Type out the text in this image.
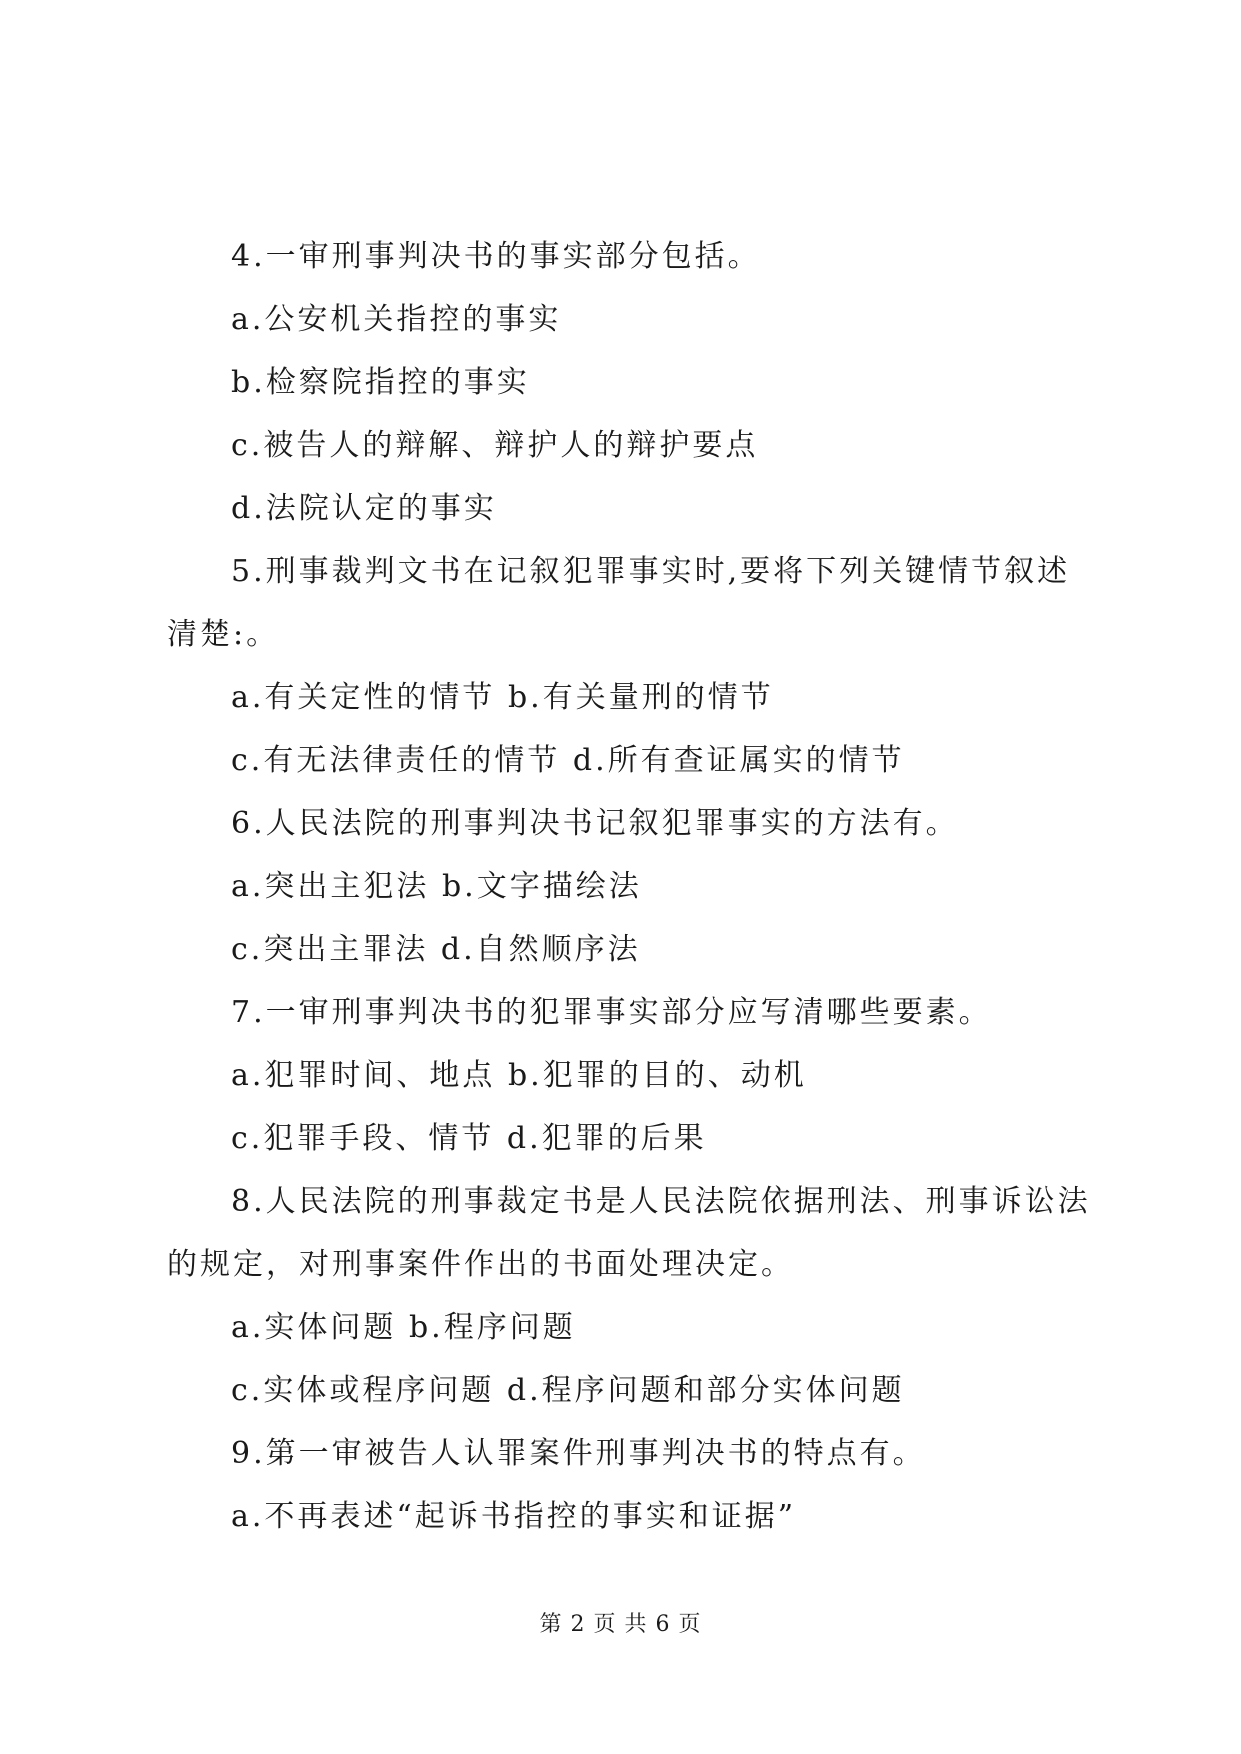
4.一审刑事判决书的事实部分包括。
a.公安机关指控的事实
b.检察院指控的事实
c.被告人的辩解、辩护人的辩护要点
d.法院认定的事实
5.刑事裁判文书在记叙犯罪事实时,要将下列关键情节叙述
清楚:。
a.有关定性的情节 b.有关量刑的情节
c.有无法律责任的情节 d.所有查证属实的情节
6.人民法院的刑事判决书记叙犯罪事实的方法有。
a.突出主犯法 b.文字描绘法
c.突出主罪法 d.自然顺序法
7.一审刑事判决书的犯罪事实部分应写清哪些要素。
a.犯罪时间、地点 b.犯罪的目的、动机
c.犯罪手段、情节 d.犯罪的后果
8.人民法院的刑事裁定书是人民法院依据刑法、刑事诉讼法
的规定，对刑事案件作出的书面处理决定。
a.实体问题 b.程序问题
c.实体或程序问题 d.程序问题和部分实体问题
9.第一审被告人认罪案件刑事判决书的特点有。
a.不再表述“起诉书指控的事实和证据”
第 2 页 共 6 页
